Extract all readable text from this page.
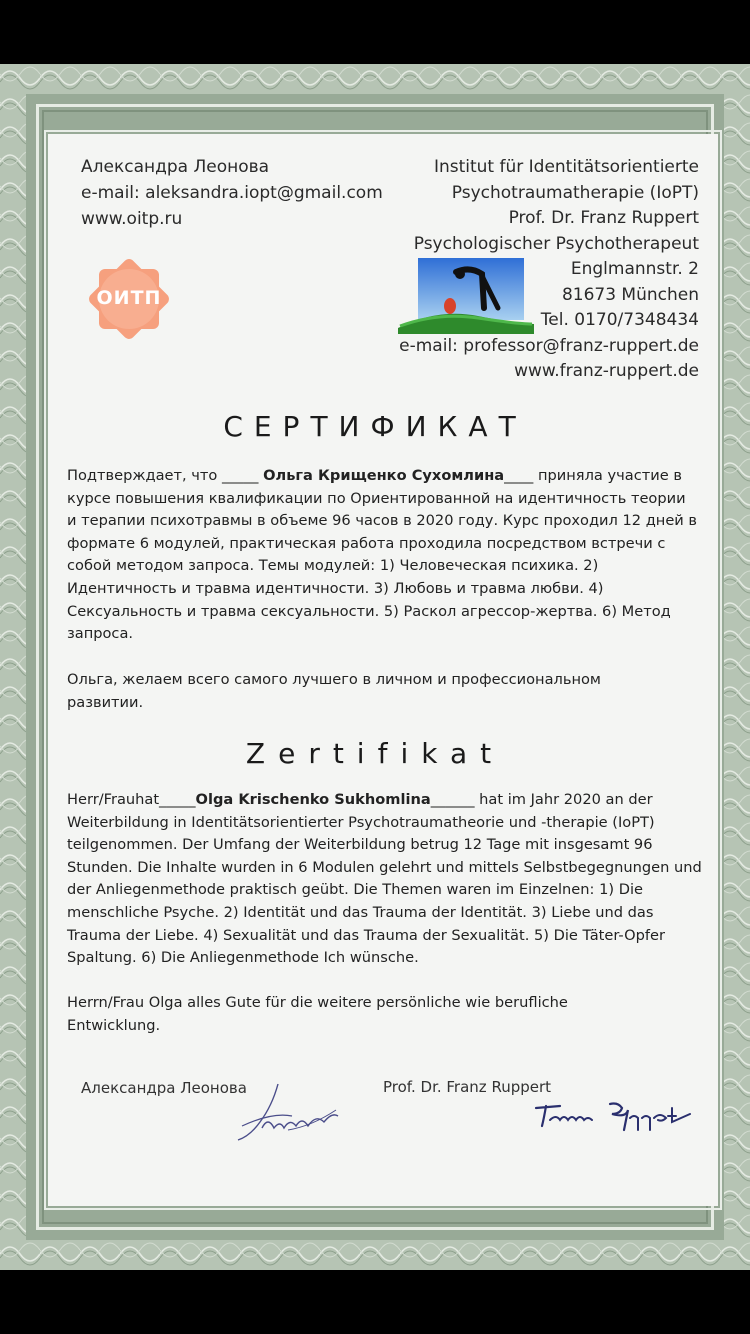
Александра Леонова
e-mail: aleksandra.iopt@gmail.com
www.oitp.ru
ОИТП
Institut für Identitätsorientierte
Psychotraumatherapie (IoPT)
Prof. Dr. Franz Ruppert
Psychologischer Psychotherapeut
Englmannstr. 2
81673 München
Tel. 0170/7348434
e-mail: professor@franz-ruppert.de
www.franz-ruppert.de
СЕРТИФИКАТ
Подтверждает, что _____ Ольга Крищенко Сухомлина____ приняла участие в курсе повышения квалификации по Ориентированной на идентичность теории и терапии психотравмы в объеме 96 часов в 2020 году. Курс проходил 12 дней в формате 6 модулей, практическая работа проходила посредством встречи с собой методом запроса. Темы модулей: 1) Человеческая психика. 2) Идентичность и травма идентичности. 3) Любовь и травма любви. 4) Сексуальность и травма сексуальности. 5) Раскол агрессор-жертва. 6) Метод запроса.
Ольга, желаем всего самого лучшего в личном и профессиональном развитии.
Zertifikat
Herr/Frauhat_____Olga Krischenko Sukhomlina______ hat im Jahr 2020 an der Weiterbildung in Identitätsorientierter Psychotraumatheorie und -therapie (IoPT) teilgenommen. Der Umfang der Weiterbildung betrug 12 Tage mit insgesamt 96 Stunden. Die Inhalte wurden in 6 Modulen gelehrt und mittels Selbstbegegnungen und der Anliegenmethode praktisch geübt. Die Themen waren im Einzelnen: 1) Die menschliche Psyche. 2) Identität und das Trauma der Identität. 3) Liebe und das Trauma der Liebe. 4) Sexualität und das Trauma der Sexualität. 5) Die Täter-Opfer Spaltung. 6) Die Anliegenmethode Ich wünsche.
Herrn/Frau Olga alles Gute für die weitere persönliche wie berufliche Entwicklung.
Александра Леонова	Prof. Dr. Franz Ruppert
